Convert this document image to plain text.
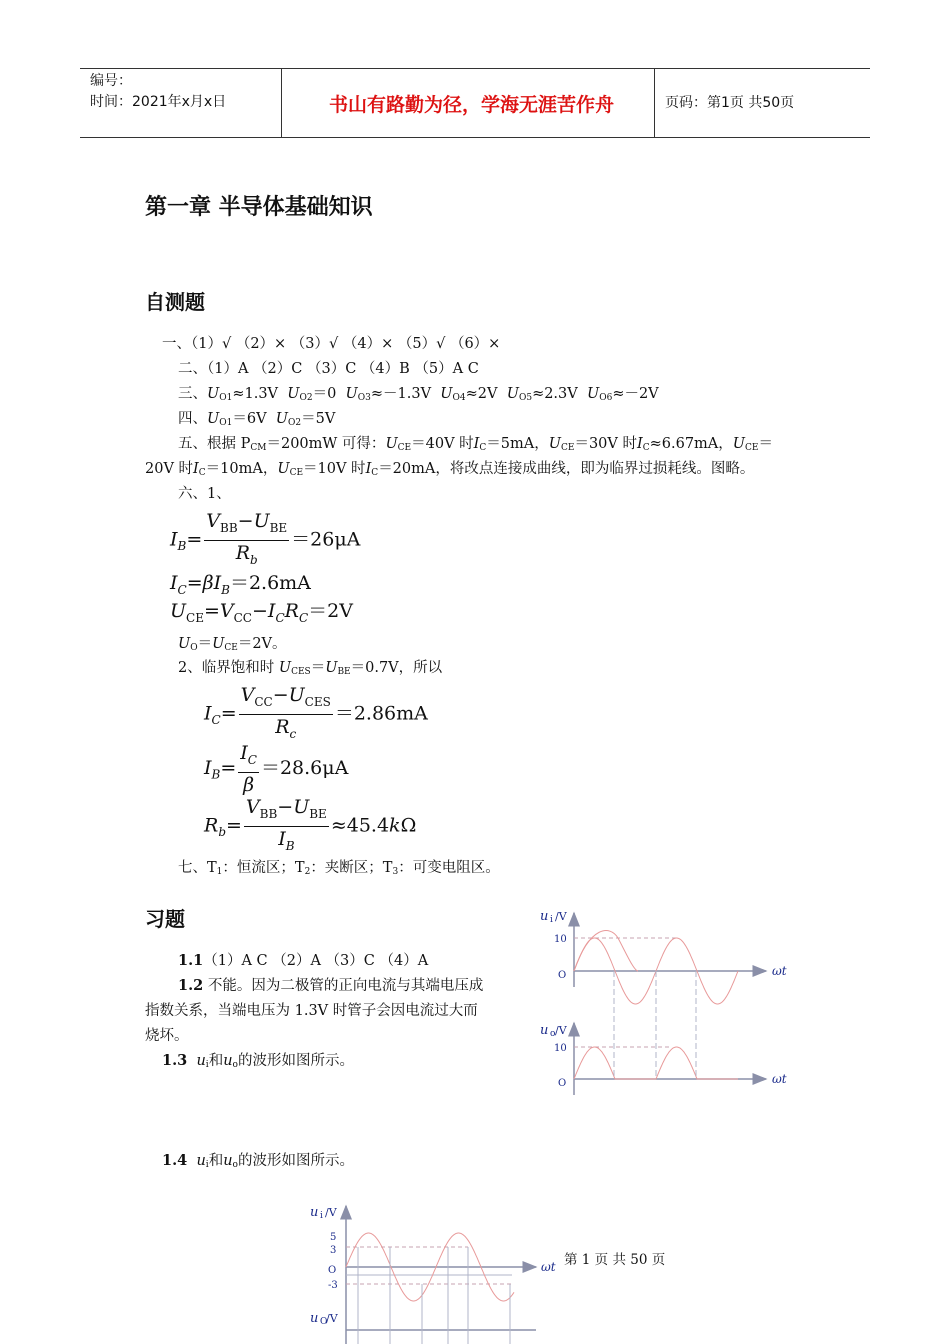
编号：
时间：2021年x月x日	书山有路勤为径，学海无涯苦作舟	页码：第1页 共50页
第一章 半导体基础知识
自测题
一、（1）√ （2）× （3）√ （4）× （5）√ （6）×
二、（1）A （2）C （3）C （4）B （5）A C
三、$U_{O1}\approx 1.3V$ $U_{O2}=0$ $U_{O3}\approx-1.3V$ $U_{O4}\approx 2V$ $U_{O5}\approx 2.3V$ $U_{O6}\approx-2V$
四、$U_{O1}=6V$ $U_{O2}=5V$
五、根据 $P_{CM}=200mW$ 可得：$U_{CE}=40V$ 时$I_C=5mA$，$U_{CE}=30V$ 时$I_C\approx 6.67mA$，$U_{CE}=$
20V 时$I_C=10mA$，$U_{CE}=10V$ 时$I_C=20mA$，将改点连接成曲线，即为临界过损耗线。图略。
六、1、
$I_B= \frac{V_{BB}-U_{BE}}{R_b} =26\mu A$
$I_C=\beta I_B=2.6mA$
$U_{CE}=V_{CC}-I_CR_C=2V$
$U_O=U_{CE}=2V$。
2、临界饱和时 $U_{CES}=U_{BE}=0.7V$，所以
$I_C= \frac{V_{CC}-U_{CES}}{R_c} =2.86mA$
$I_B= \frac{I_C}{\beta} =28.6\mu A$
$R_b= \frac{V_{BB}-U_{BE}}{I_B} \approx 45.4k\Omega$
七、$T_1$：恒流区；$T_2$：夹断区；$T_3$：可变电阻区。
习题
1.1（1）A C （2）A （3）C （4）A
1.2 不能。因为二极管的正向电流与其端电压成
指数关系，当端电压为 1.3V 时管子会因电流过大而
烧坏。
1.3 $u_i$和$u_o$的波形如图所示。
1.4 $u_i$和$u_o$的波形如图所示。
u i /V
10
O	ωt
u o /V
10
O	ωt
u i /V
5
3
O
-3
ωt
u O
/V
第 1 页 共 50 页
